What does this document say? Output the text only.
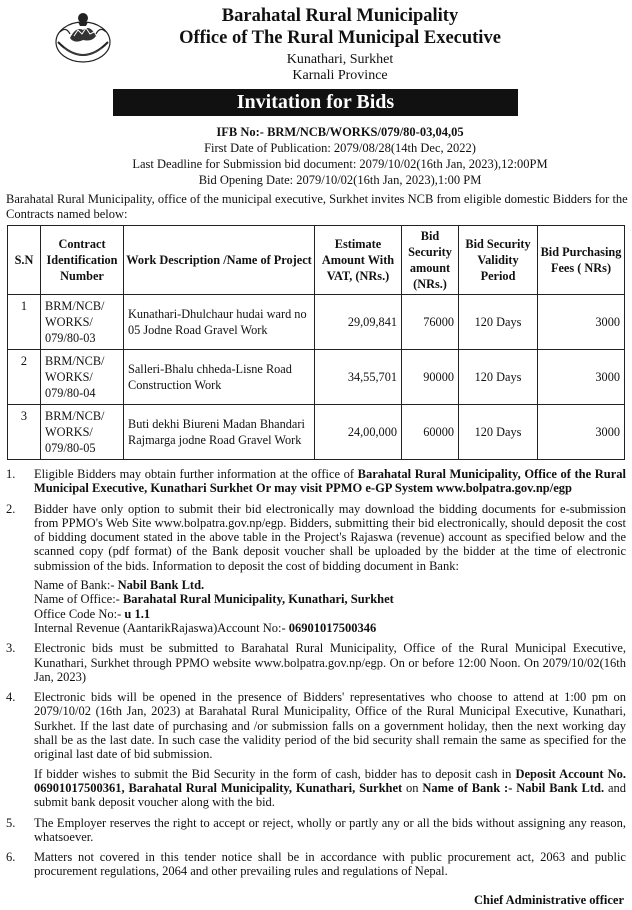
Barahatal Rural Municipality
Office of The Rural Municipal Executive
Kunathari, Surkhet
Karnali Province
Invitation for Bids
IFB No:- BRM/NCB/WORKS/079/80-03,04,05
First Date of Publication: 2079/08/28(14th Dec, 2022)
Last Deadline for Submission bid document: 2079/10/02(16th Jan, 2023),12:00PM
Bid Opening Date: 2079/10/02(16th Jan, 2023),1:00 PM
Barahatal Rural Municipality, office of the municipal executive, Surkhet invites NCB from eligible domestic Bidders for the Contracts named below:
S.N	Contract Identification Number	Work Description /Name of Project	Estimate Amount With VAT, (NRs.)	Bid Security amount (NRs.)	Bid Security Validity Period	Bid Purchasing Fees ( NRs)
1	BRM/NCB/ WORKS/ 079/80-03	Kunathari-Dhulchaur hudai ward no 05 Jodne Road Gravel Work	29,09,841	76000	120 Days	3000
2	BRM/NCB/ WORKS/ 079/80-04	Salleri-Bhalu chheda-Lisne Road Construction Work	34,55,701	90000	120 Days	3000
3	BRM/NCB/ WORKS/ 079/80-05	Buti dekhi Biureni Madan Bhandari Rajmarga jodne Road Gravel Work	24,00,000	60000	120 Days	3000
1.	Eligible Bidders may obtain further information at the office of Barahatal Rural Municipality, Office of the Rural Municipal Executive, Kunathari Surkhet Or may visit PPMO e-GP System www.bolpatra.gov.np/egp
2.	Bidder have only option to submit their bid electronically may download the bidding documents for e-submission from PPMO's Web Site www.bolpatra.gov.np/egp. Bidders, submitting their bid electronically, should deposit the cost of bidding document stated in the above table in the Project's Rajaswa (revenue) account as specified below and the scanned copy (pdf format) of the Bank deposit voucher shall be uploaded by the bidder at the time of electronic submission of the bids. Information to deposit the cost of bidding document in Bank:
Name of Bank:- Nabil Bank Ltd.
Name of Office:- Barahatal Rural Municipality, Kunathari, Surkhet
Office Code No:- u 1.1
Internal Revenue (AantarikRajaswa)Account No:- 06901017500346
3.	Electronic bids must be submitted to Barahatal Rural Municipality, Office of the Rural Municipal Executive, Kunathari, Surkhet through PPMO website www.bolpatra.gov.np/egp. On or before 12:00 Noon. On 2079/10/02(16th Jan, 2023)
4.	Electronic bids will be opened in the presence of Bidders' representatives who choose to attend at 1:00 pm on 2079/10/02 (16th Jan, 2023) at Barahatal Rural Municipality, Office of the Rural Municipal Executive, Kunathari, Surkhet. If the last date of purchasing and /or submission falls on a government holiday, then the next working day shall be as the last date. In such case the validity period of the bid security shall remain the same as specified for the original last date of bid submission.
If bidder wishes to submit the Bid Security in the form of cash, bidder has to deposit cash in Deposit Account No. 06901017500361, Barahatal Rural Municipality, Kunathari, Surkhet on Name of Bank :- Nabil Bank Ltd. and submit bank deposit voucher along with the bid.
5.	The Employer reserves the right to accept or reject, wholly or partly any or all the bids without assigning any reason, whatsoever.
6.	Matters not covered in this tender notice shall be in accordance with public procurement act, 2063 and public procurement regulations, 2064 and other prevailing rules and regulations of Nepal.
Chief Administrative officer
